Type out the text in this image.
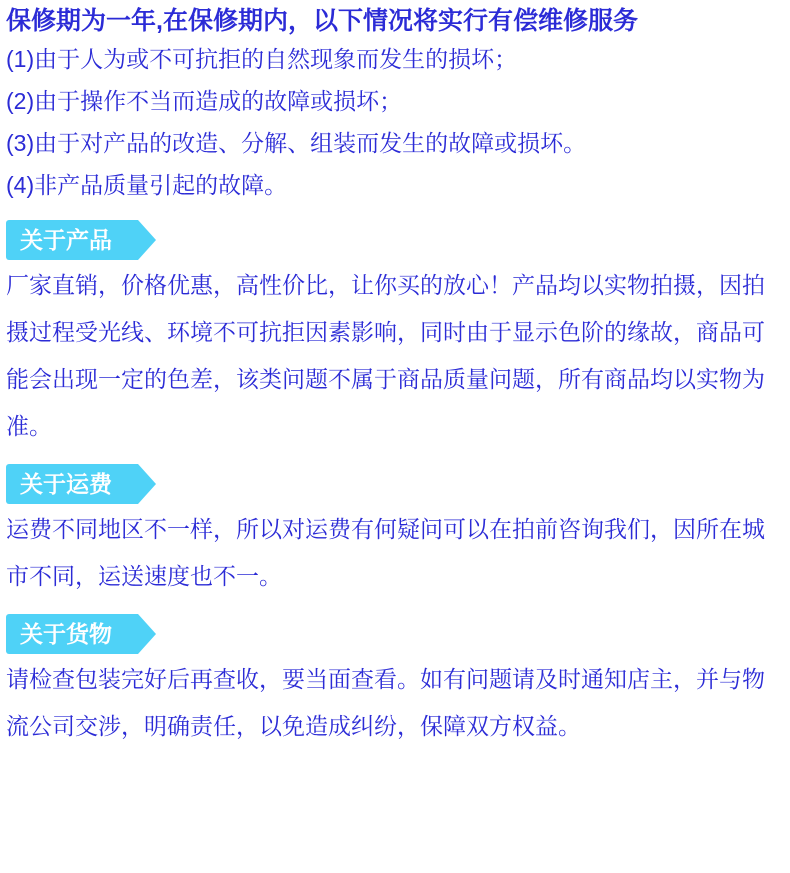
保修期为一年,在保修期内，以下情况将实行有偿维修服务

(1)由于人为或不可抗拒的自然现象而发生的损坏；

(2)由于操作不当而造成的故障或损坏；

(3)由于对产品的改造、分解、组装而发生的故障或损坏。

(4)非产品质量引起的故障。

关于产品

厂家直销，价格优惠，高性价比，让你买的放心！产品均以实物拍摄，因拍摄过程受光线、环境不可抗拒因素影响，同时由于显示色阶的缘故，商品可能会出现一定的色差，该类问题不属于商品质量问题，所有商品均以实物为准。

关于运费

运费不同地区不一样，所以对运费有何疑问可以在拍前咨询我们，因所在城市不同，运送速度也不一。

关于货物

请检查包装完好后再查收，要当面查看。如有问题请及时通知店主，并与物流公司交涉，明确责任，以免造成纠纷，保障双方权益。
